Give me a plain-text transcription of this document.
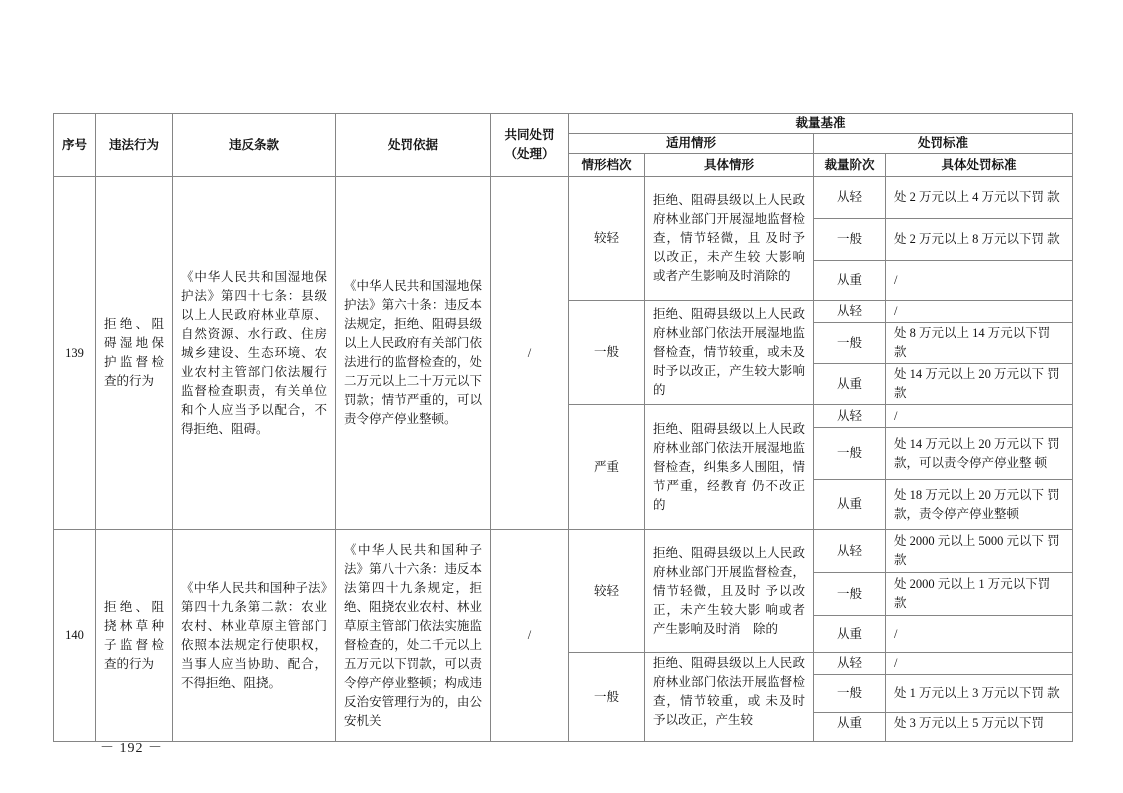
序号	违法行为	违反条款	处罚依据	共同处罚（处理）	裁量基准			
					适用情形		处罚标准	
					情形档次	具体情形	裁量阶次	具体处罚标准
139	拒绝、阻碍湿地保护监督检查的行为	《中华人民共和国湿地保护法》第四十七条：县级以上人民政府林业草原、自然资源、水行政、住房城乡建设、生态环境、农业农村主管部门依法履行监督检查职责，有关单位和个人应当予以配合，不得拒绝、阻碍。	《中华人民共和国湿地保护法》第六十条：违反本法规定，拒绝、阻碍县级以上人民政府有关部门依法进行的监督检查的，处二万元以上二十万元以下罚款；情节严重的，可以责令停产停业整顿。	/	较轻	拒绝、阻碍县级以上人民政府林业部门开展湿地监督检查，情节轻微，且 及时予以改正，未产生较 大影响或者产生影响及时消除的	从轻	处 2 万元以上 4 万元以下罚 款
							一般	处 2 万元以上 8 万元以下罚 款
							从重	/
					一般	拒绝、阻碍县级以上人民政府林业部门依法开展湿地监督检查，情节较重，或未及时予以改正，产生较大影响的	从轻	/
							一般	处 8 万元以上 14 万元以下罚 款
							从重	处 14 万元以上 20 万元以下 罚款
					严重	拒绝、阻碍县级以上人民政府林业部门依法开展湿地监督检查，纠集多人围阻，情节严重，经教育 仍不改正的	从轻	/
							一般	处 14 万元以上 20 万元以下 罚款，可以责令停产停业整 顿
							从重	处 18 万元以上 20 万元以下 罚款，责令停产停业整顿
140	拒绝、阻挠林草种子监督检查的行为	《中华人民共和国种子法》第四十九条第二款：农业农村、林业草原主管部门依照本法规定行使职权，当事人应当协助、配合，不得拒绝、阻挠。	《中华人民共和国种子法》第八十六条：违反本法第四十九条规定，拒绝、阻挠农业农村、林业草原主管部门依法实施监督检查的，处二千元以上五万元以下罚款，可以责令停产停业整顿；构成违反治安管理行为的，由公安机关	/	较轻	拒绝、阻碍县级以上人民政府林业部门开展监督检查，情节轻微，且及时 予以改正，未产生较大影 响或者产生影响及时消　除的	从轻	处 2000 元以上 5000 元以下 罚款
							一般	处 2000 元以上 1 万元以下罚 款
							从重	/
					一般	拒绝、阻碍县级以上人民政府林业部门依法开展监督检查，情节较重，或 未及时予以改正，产生较	从轻	/
							一般	处 1 万元以上 3 万元以下罚 款
							从重	处 3 万元以上 5 万元以下罚
－ 192 －
